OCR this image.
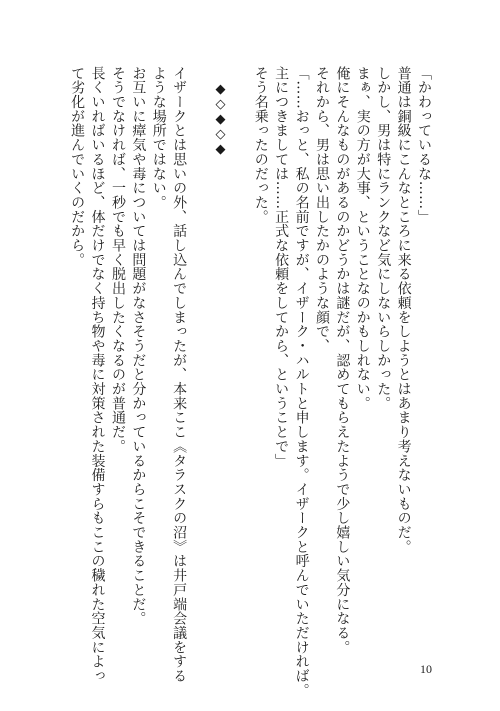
「かわっているな……」
普通は銅級にこんなところに来る依頼をしようとはあまり考えないものだ。
しかし、男は特にランクなど気にしないらしかった。
まぁ、実の方が大事、ということなのかもしれない。
俺にそんなものがあるのかどうかは謎だが、認めてもらえたようで少し嬉しい気分になる。
それから、男は思い出したかのような顔で、
「……おっと、私の名前ですが、イザーク・ハルトと申します。イザークと呼んでいただければ。
主につきましては……正式な依頼をしてから、ということで」
そう名乗ったのだった。
◆◇◆◇◆
イザークとは思いの外、話し込んでしまったが、本来ここ《タラスクの沼》は井戸端会議をする
ような場所ではない。
お互いに瘴気や毒については問題がなさそうだと分かっているからこそできることだ。
そうでなければ、一秒でも早く脱出したくなるのが普通だ。
長くいればいるほど、体だけでなく持ち物や毒に対策された装備すらもここの穢れた空気によっ
て劣化が進んでいくのだから。
10
